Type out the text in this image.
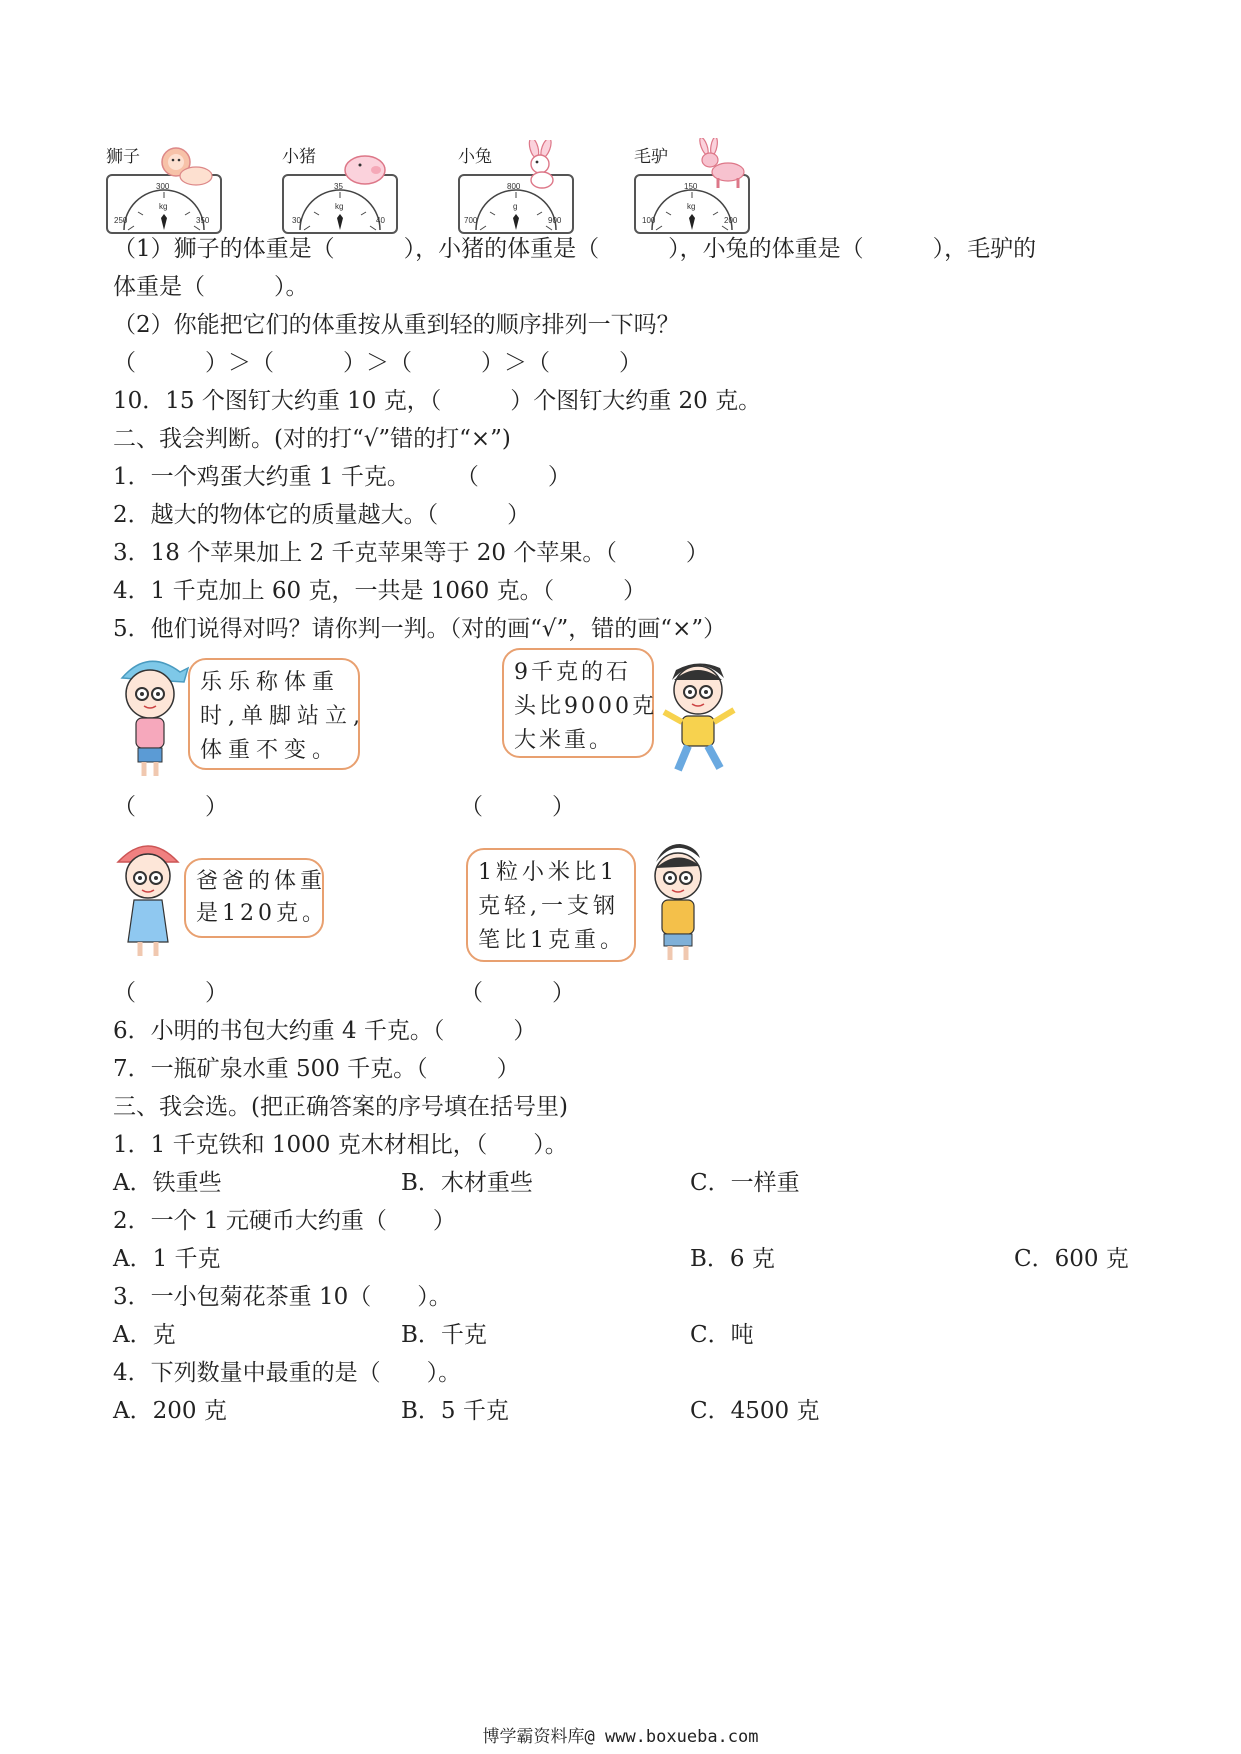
狮子
250
300
kg
350
小猪
30
35
kg
40
小兔
700
800
g
900
毛驴
100
150
kg
200
（1）狮子的体重是（　　　），小猪的体重是（　　　），小兔的体重是（　　　），毛驴的
体重是（　　　）。
（2）你能把它们的体重按从重到轻的顺序排列一下吗？
（　　　）＞（　　　）＞（　　　）＞（　　　）
10．15 个图钉大约重 10 克，（　　　）个图钉大约重 20 克。
二、我会判断。(对的打“√”错的打“×”)
1．一个鸡蛋大约重 1 千克。　　　（　　　）
2．越大的物体它的质量越大。（　　　）
3．18 个苹果加上 2 千克苹果等于 20 个苹果。（　　　）
4．1 千克加上 60 克，一共是 1060 克。（　　　）
5．他们说得对吗？请你判一判。（对的画“√”，错的画“×”）
乐乐称体重
时,单脚站立,
体重不变。
9千克的石
头比9000克
大米重。
（　　　）	（　　　）
爸爸的体重
是120克。
1粒小米比1
克轻,一支钢
笔比1克重。
（　　　）	（　　　）
6．小明的书包大约重 4 千克。（　　　）
7．一瓶矿泉水重 500 千克。（　　　）
三、我会选。(把正确答案的序号填在括号里)
1．1 千克铁和 1000 克木材相比，（　　）。
A．铁重些	B．木材重些	C．一样重
2．一个 1 元硬币大约重（　　）
A．1 千克	B．6 克	C．600 克
3．一小包菊花茶重 10（　　）。
A．克	B．千克	C．吨
4．下列数量中最重的是（　　）。
A．200 克	B．5 千克	C．4500 克
博学霸资料库@ www.boxueba.com
